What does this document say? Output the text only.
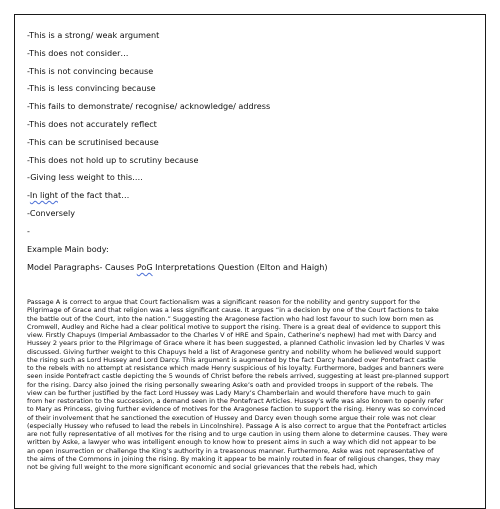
-This is a strong/ weak argument
-This does not consider…
-This is not convincing because
-This is less convincing because
-This fails to demonstrate/ recognise/ acknowledge/ address
-This does not accurately reflect
-This can be scrutinised because
-This does not hold up to scrutiny because
-Giving less weight to this….
-In light of the fact that…
-Conversely
-
Example Main body:
Model Paragraphs- Causes PoG Interpretations Question (Elton and Haigh)
Passage A is correct to argue that Court factionalism was a significant reason for the nobility and gentry support for the
Pilgrimage of Grace and that religion was a less significant cause. It argues “in a decision by one of the Court factions to take
the battle out of the Court, into the nation.” Suggesting the Aragonese faction who had lost favour to such low born men as
Cromwell, Audley and Riche had a clear political motive to support the rising. There is a great deal of evidence to support this
view. Firstly Chapuys (Imperial Ambassador to the Charles V of HRE and Spain, Catherine’s nephew) had met with Darcy and
Hussey 2 years prior to the Pilgrimage of Grace where it has been suggested, a planned Catholic invasion led by Charles V was
discussed. Giving further weight to this Chapuys held a list of Aragonese gentry and nobility whom he believed would support
the rising such as Lord Hussey and Lord Darcy. This argument is augmented by the fact Darcy handed over Pontefract castle
to the rebels with no attempt at resistance which made Henry suspicious of his loyalty. Furthermore, badges and banners were
seen inside Pontefract castle depicting the 5 wounds of Christ before the rebels arrived, suggesting at least pre-planned support
for the rising. Darcy also joined the rising personally swearing Aske’s oath and provided troops in support of the rebels. The
view can be further justified by the fact Lord Hussey was Lady Mary’s Chamberlain and would therefore have much to gain
from her restoration to the succession, a demand seen in the Pontefract Articles. Hussey’s wife was also known to openly refer
to Mary as Princess, giving further evidence of motives for the Aragonese faction to support the rising. Henry was so convinced
of their involvement that he sanctioned the execution of Hussey and Darcy even though some argue their role was not clear
(especially Hussey who refused to lead the rebels in Lincolnshire). Passage A is also correct to argue that the Pontefract articles
are not fully representative of all motives for the rising and to urge caution in using them alone to determine causes. They were
written by Aske, a lawyer who was intelligent enough to know how to present aims in such a way which did not appear to be
an open insurrection or challenge the King’s authority in a treasonous manner. Furthermore, Aske was not representative of
the aims of the Commons in joining the rising. By making it appear to be mainly routed in fear of religious changes, they may
not be giving full weight to the more significant economic and social grievances that the rebels had, which
